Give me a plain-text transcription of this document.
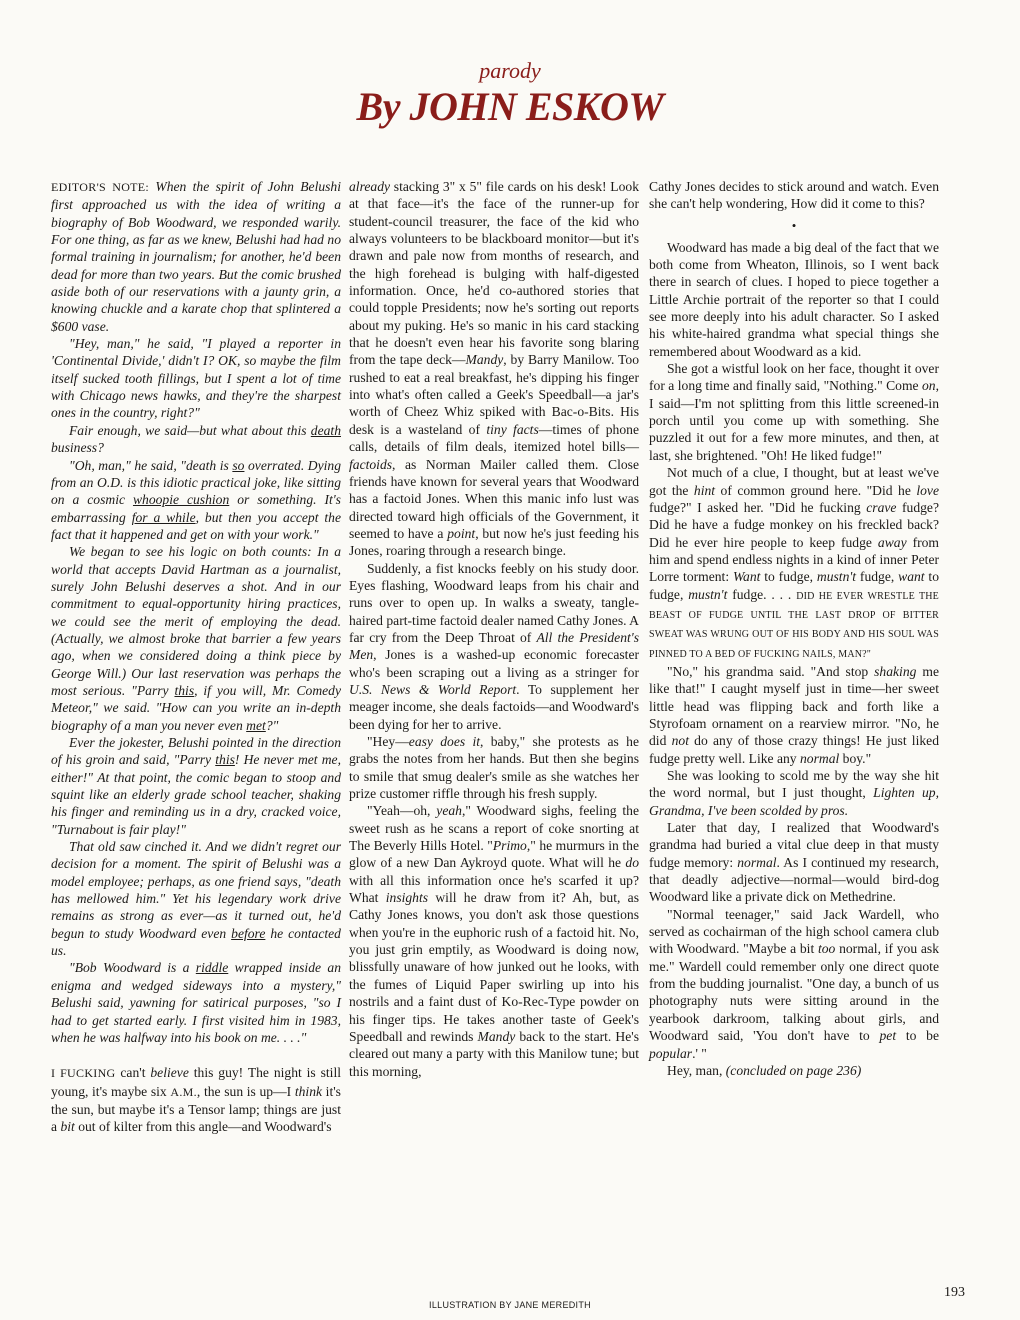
parody
By JOHN ESKOW

EDITOR'S NOTE: When the spirit of John Belushi first approached us with the idea of writing a biography of Bob Woodward, we responded warily. For one thing, as far as we knew, Belushi had had no formal training in journalism; for another, he'd been dead for more than two years. But the comic brushed aside both of our reservations with a jaunty grin, a knowing chuckle and a karate chop that splintered a $600 vase.

"Hey, man," he said, "I played a reporter in 'Continental Divide,' didn't I? OK, so maybe the film itself sucked tooth fillings, but I spent a lot of time with Chicago news hawks, and they're the sharpest ones in the country, right?"

Fair enough, we said—but what about this death business?

"Oh, man," he said, "death is so overrated. Dying from an O.D. is this idiotic practical joke, like sitting on a cosmic whoopie cushion or something. It's embarrassing for a while, but then you accept the fact that it happened and get on with your work."

We began to see his logic on both counts: In a world that accepts David Hartman as a journalist, surely John Belushi deserves a shot. And in our commitment to equal-opportunity hiring practices, we could see the merit of employing the dead. (Actually, we almost broke that barrier a few years ago, when we considered doing a think piece by George Will.) Our last reservation was perhaps the most serious. "Parry this, if you will, Mr. Comedy Meteor," we said. "How can you write an in-depth biography of a man you never even met?"

Ever the jokester, Belushi pointed in the direction of his groin and said, "Parry this! He never met me, either!" At that point, the comic began to stoop and squint like an elderly grade school teacher, shaking his finger and reminding us in a dry, cracked voice, "Turnabout is fair play!"

That old saw cinched it. And we didn't regret our decision for a moment. The spirit of Belushi was a model employee; perhaps, as one friend says, "death has mellowed him." Yet his legendary work drive remains as strong as ever—as it turned out, he'd begun to study Woodward even before he contacted us.

"Bob Woodward is a riddle wrapped inside an enigma and wedged sideways into a mystery," Belushi said, yawning for satirical purposes, "so I had to get started early. I first visited him in 1983, when he was halfway into his book on me. . . ."

I FUCKING can't believe this guy! The night is still young, it's maybe six A.M., the sun is up—I think it's the sun, but maybe it's a Tensor lamp; things are just a bit out of kilter from this angle—and Woodward's

already stacking 3" x 5" file cards on his desk! Look at that face—it's the face of the runner-up for student-council treasurer, the face of the kid who always volunteers to be blackboard monitor—but it's drawn and pale now from months of research, and the high forehead is bulging with half-digested information. Once, he'd co-authored stories that could topple Presidents; now he's sorting out reports about my puking. He's so manic in his card stacking that he doesn't even hear his favorite song blaring from the tape deck—Mandy, by Barry Manilow. Too rushed to eat a real breakfast, he's dipping his finger into what's often called a Geek's Speedball—a jar's worth of Cheez Whiz spiked with Bac-o-Bits. His desk is a wasteland of tiny facts—times of phone calls, details of film deals, itemized hotel bills—factoids, as Norman Mailer called them. Close friends have known for several years that Woodward has a factoid Jones. When this manic info lust was directed toward high officials of the Government, it seemed to have a point, but now he's just feeding his Jones, roaring through a research binge.

Suddenly, a fist knocks feebly on his study door. Eyes flashing, Woodward leaps from his chair and runs over to open up. In walks a sweaty, tangle-haired part-time factoid dealer named Cathy Jones. A far cry from the Deep Throat of All the President's Men, Jones is a washed-up economic forecaster who's been scraping out a living as a stringer for U.S. News & World Report. To supplement her meager income, she deals factoids—and Woodward's been dying for her to arrive.

"Hey—easy does it, baby," she protests as he grabs the notes from her hands. But then she begins to smile that smug dealer's smile as she watches her prize customer riffle through his fresh supply.

"Yeah—oh, yeah," Woodward sighs, feeling the sweet rush as he scans a report of coke snorting at The Beverly Hills Hotel. "Primo," he murmurs in the glow of a new Dan Aykroyd quote. What will he do with all this information once he's scarfed it up? What insights will he draw from it? Ah, but, as Cathy Jones knows, you don't ask those questions when you're in the euphoric rush of a factoid hit. No, you just grin emptily, as Woodward is doing now, blissfully unaware of how junked out he looks, with the fumes of Liquid Paper swirling up into his nostrils and a faint dust of Ko-Rec-Type powder on his finger tips. He takes another taste of Geek's Speedball and rewinds Mandy back to the start. He's cleared out many a party with this Manilow tune; but this morning,

Cathy Jones decides to stick around and watch. Even she can't help wondering, How did it come to this?

•

Woodward has made a big deal of the fact that we both come from Wheaton, Illinois, so I went back there in search of clues. I hoped to piece together a Little Archie portrait of the reporter so that I could see more deeply into his adult character. So I asked his white-haired grandma what special things she remembered about Woodward as a kid.

She got a wistful look on her face, thought it over for a long time and finally said, "Nothing." Come on, I said—I'm not splitting from this little screened-in porch until you come up with something. She puzzled it out for a few more minutes, and then, at last, she brightened. "Oh! He liked fudge!"

Not much of a clue, I thought, but at least we've got the hint of common ground here. "Did he love fudge?" I asked her. "Did he fucking crave fudge? Did he have a fudge monkey on his freckled back? Did he ever hire people to keep fudge away from him and spend endless nights in a kind of inner Peter Lorre torment: Want to fudge, mustn't fudge, want to fudge, mustn't fudge. . . . DID HE EVER WRESTLE THE BEAST OF FUDGE UNTIL THE LAST DROP OF BITTER SWEAT WAS WRUNG OUT OF HIS BODY AND HIS SOUL WAS PINNED TO A BED OF FUCKING NAILS, MAN?"

"No," his grandma said. "And stop shaking me like that!" I caught myself just in time—her sweet little head was flipping back and forth like a Styrofoam ornament on a rearview mirror. "No, he did not do any of those crazy things! He just liked fudge pretty well. Like any normal boy."

She was looking to scold me by the way she hit the word normal, but I just thought, Lighten up, Grandma, I've been scolded by pros.

Later that day, I realized that Woodward's grandma had buried a vital clue deep in that musty fudge memory: normal. As I continued my research, that deadly adjective—normal—would bird-dog Woodward like a private dick on Methedrine.

"Normal teenager," said Jack Wardell, who served as cochairman of the high school camera club with Woodward. "Maybe a bit too normal, if you ask me." Wardell could remember only one direct quote from the budding journalist. "One day, a bunch of us photography nuts were sitting around in the yearbook darkroom, talking about girls, and Woodward said, 'You don't have to pet to be popular.' "

Hey, man, (concluded on page 236)

193
ILLUSTRATION BY JANE MEREDITH
